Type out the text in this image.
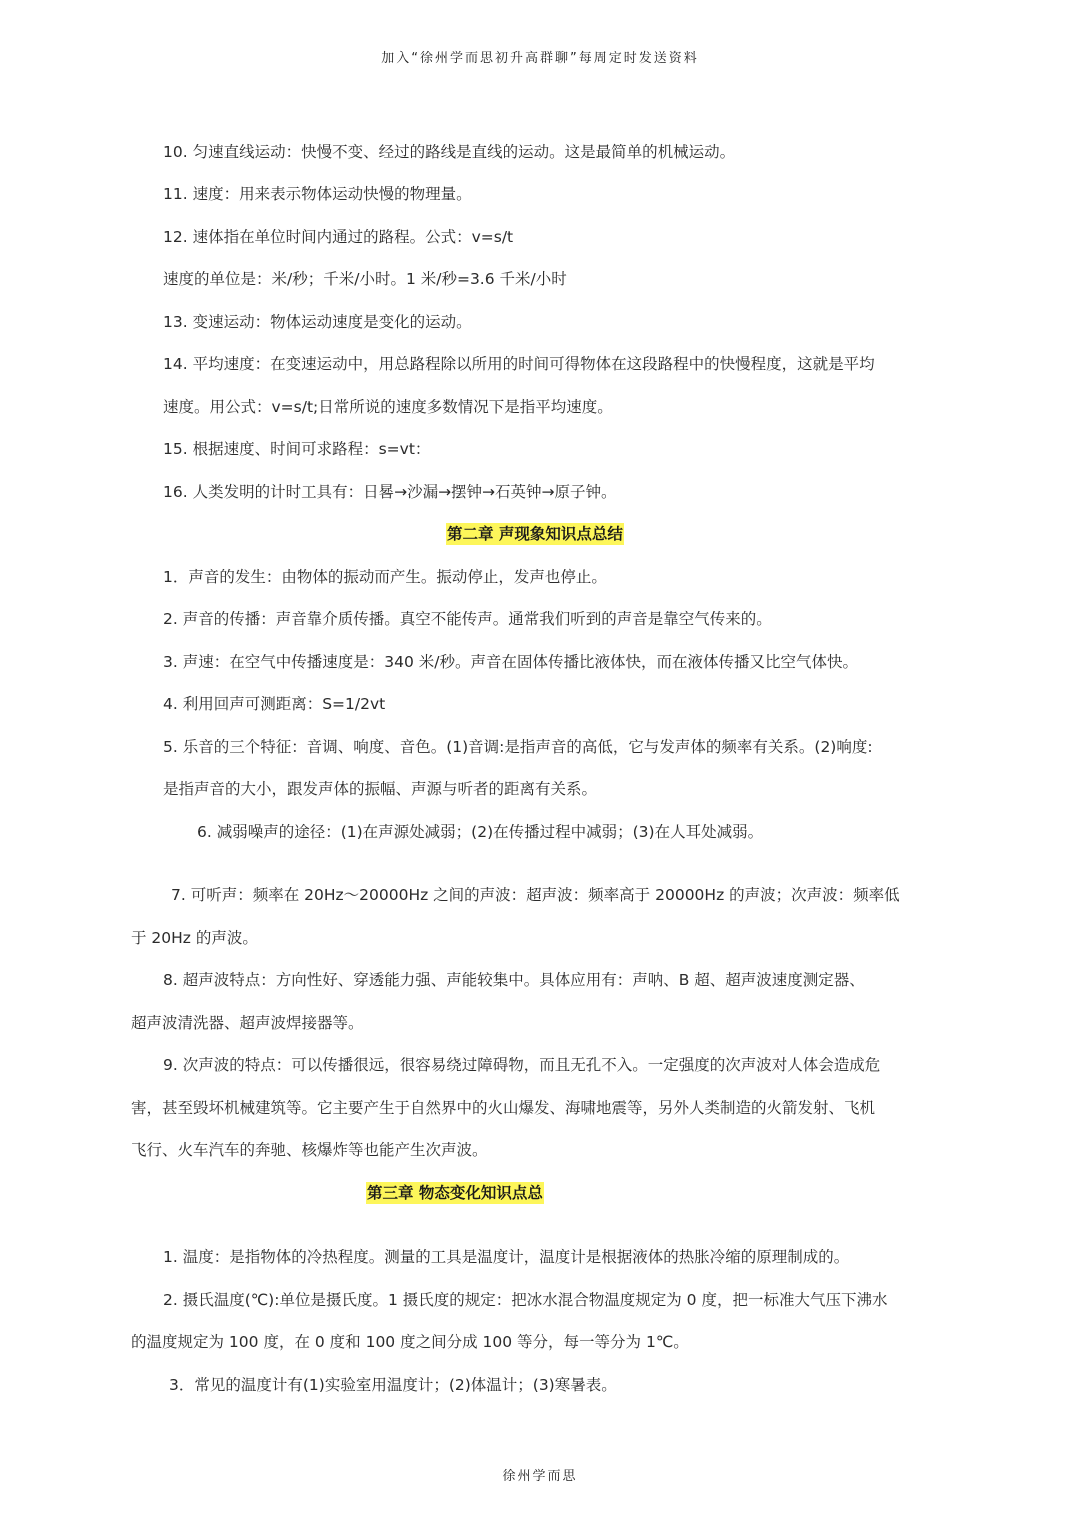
加入“徐州学而思初升高群聊”每周定时发送资料
10. 匀速直线运动：快慢不变、经过的路线是直线的运动。这是最简单的机械运动。
11. 速度：用来表示物体运动快慢的物理量。
12. 速体指在单位时间内通过的路程。公式：v=s/t
速度的单位是：米/秒；千米/小时。1 米/秒=3.6 千米/小时
13. 变速运动：物体运动速度是变化的运动。
14. 平均速度：在变速运动中，用总路程除以所用的时间可得物体在这段路程中的快慢程度，这就是平均
速度。用公式：v=s/t;日常所说的速度多数情况下是指平均速度。
15. 根据速度、时间可求路程：s=vt：
16. 人类发明的计时工具有：日晷→沙漏→摆钟→石英钟→原子钟。
第二章 声现象知识点总结
1．声音的发生：由物体的振动而产生。振动停止，发声也停止。
2. 声音的传播：声音靠介质传播。真空不能传声。通常我们听到的声音是靠空气传来的。
3. 声速：在空气中传播速度是：340 米/秒。声音在固体传播比液体快，而在液体传播又比空气体快。
4. 利用回声可测距离：S=1/2vt
5. 乐音的三个特征：音调、响度、音色。(1)音调:是指声音的高低，它与发声体的频率有关系。(2)响度:
是指声音的大小，跟发声体的振幅、声源与听者的距离有关系。
6. 减弱噪声的途径：(1)在声源处减弱；(2)在传播过程中减弱；(3)在人耳处减弱。
7. 可听声：频率在 20Hz～20000Hz 之间的声波：超声波：频率高于 20000Hz 的声波；次声波：频率低
于 20Hz 的声波。
8. 超声波特点：方向性好、穿透能力强、声能较集中。具体应用有：声呐、B 超、超声波速度测定器、
超声波清洗器、超声波焊接器等。
9. 次声波的特点：可以传播很远，很容易绕过障碍物，而且无孔不入。一定强度的次声波对人体会造成危
害，甚至毁坏机械建筑等。它主要产生于自然界中的火山爆发、海啸地震等，另外人类制造的火箭发射、飞机
飞行、火车汽车的奔驰、核爆炸等也能产生次声波。
第三章 物态变化知识点总
1. 温度：是指物体的冷热程度。测量的工具是温度计，温度计是根据液体的热胀冷缩的原理制成的。
2. 摄氏温度(℃):单位是摄氏度。1 摄氏度的规定：把冰水混合物温度规定为 0 度，把一标准大气压下沸水
的温度规定为 100 度，在 0 度和 100 度之间分成 100 等分，每一等分为 1℃。
3．常见的温度计有(1)实验室用温度计；(2)体温计；(3)寒暑表。
徐州学而思
